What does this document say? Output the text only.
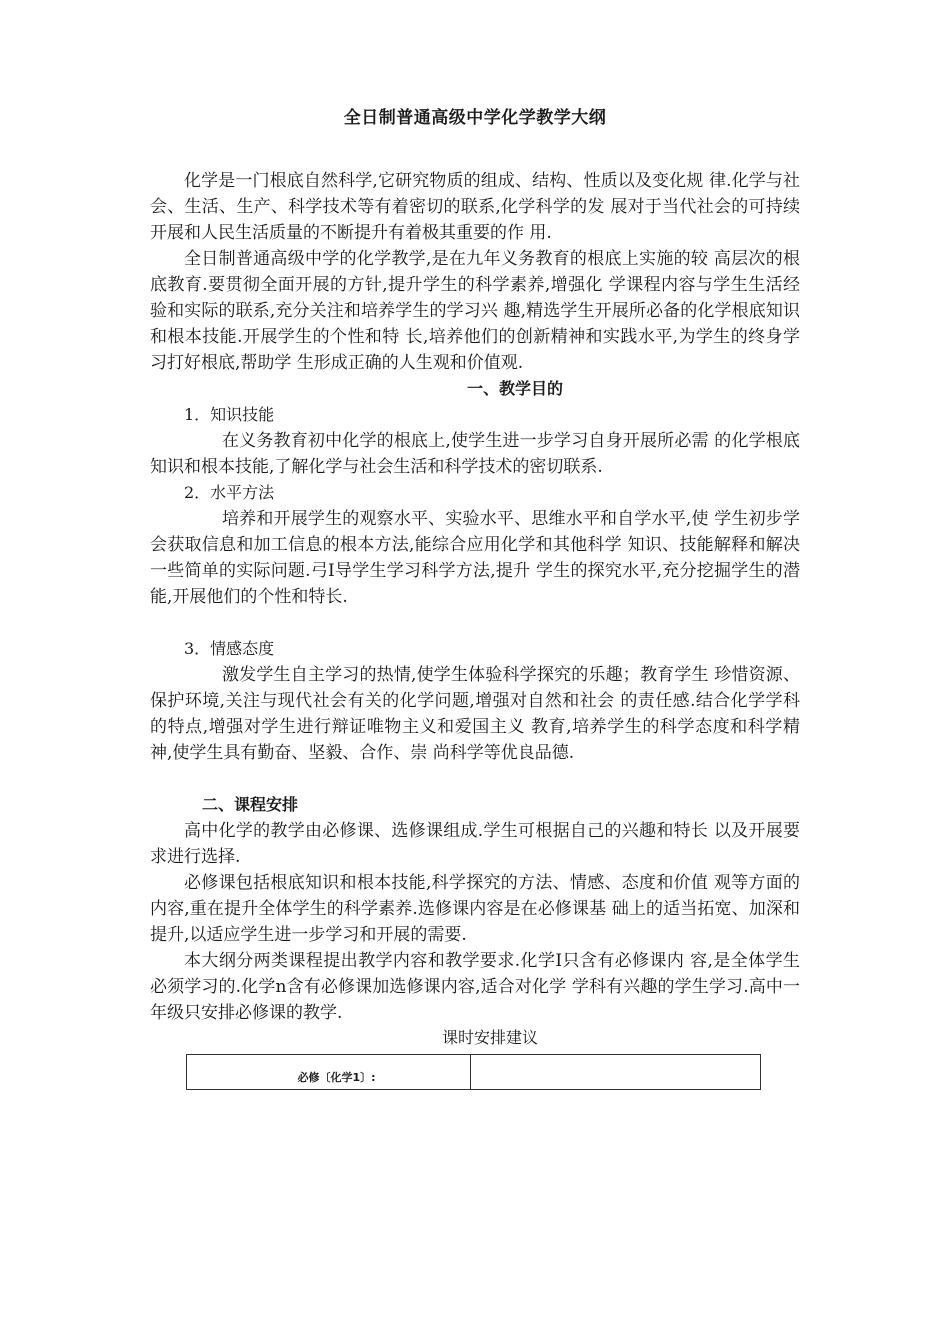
全日制普通高级中学化学教学大纲

化学是一门根底自然科学,它研究物质的组成、结构、性质以及变化规 律.化学与社会、生活、生产、科学技术等有着密切的联系,化学科学的发 展对于当代社会的可持续开展和人民生活质量的不断提升有着极其重要的作 用.

全日制普通高级中学的化学教学,是在九年义务教育的根底上实施的较 高层次的根底教育.要贯彻全面开展的方针,提升学生的科学素养,增强化 学课程内容与学生生活经验和实际的联系,充分关注和培养学生的学习兴 趣,精选学生开展所必备的化学根底知识和根本技能.开展学生的个性和特 长,培养他们的创新精神和实践水平,为学生的终身学习打好根底,帮助学 生形成正确的人生观和价值观.

一、教学目的

1．知识技能

在义务教育初中化学的根底上,使学生进一步学习自身开展所必需 的化学根底知识和根本技能,了解化学与社会生活和科学技术的密切联系.

2．水平方法

培养和开展学生的观察水平、实验水平、思维水平和自学水平,使 学生初步学会获取信息和加工信息的根本方法,能综合应用化学和其他科学 知识、技能解释和解决一些简单的实际问题.弓I导学生学习科学方法,提升 学生的探究水平,充分挖掘学生的潜能,开展他们的个性和特长.

3．情感态度

激发学生自主学习的热情,使学生体验科学探究的乐趣；教育学生 珍惜资源、保护环境,关注与现代社会有关的化学问题,增强对自然和社会 的责任感.结合化学学科的特点,增强对学生进行辩证唯物主义和爱国主义 教育,培养学生的科学态度和科学精神,使学生具有勤奋、坚毅、合作、崇 尚科学等优良品德.

二、课程安排

高中化学的教学由必修课、选修课组成.学生可根据自己的兴趣和特长 以及开展要求进行选择.

必修课包括根底知识和根本技能,科学探究的方法、情感、态度和价值 观等方面的内容,重在提升全体学生的科学素养.选修课内容是在必修课基 础上的适当拓宽、加深和提升,以适应学生进一步学习和开展的需要.

本大纲分两类课程提出教学内容和教学要求.化学I只含有必修课内 容,是全体学生必须学习的.化学n含有必修课加选修课内容,适合对化学 学科有兴趣的学生学习.高中一年级只安排必修课的教学.

课时安排建议

必修〔化学1〕:	
